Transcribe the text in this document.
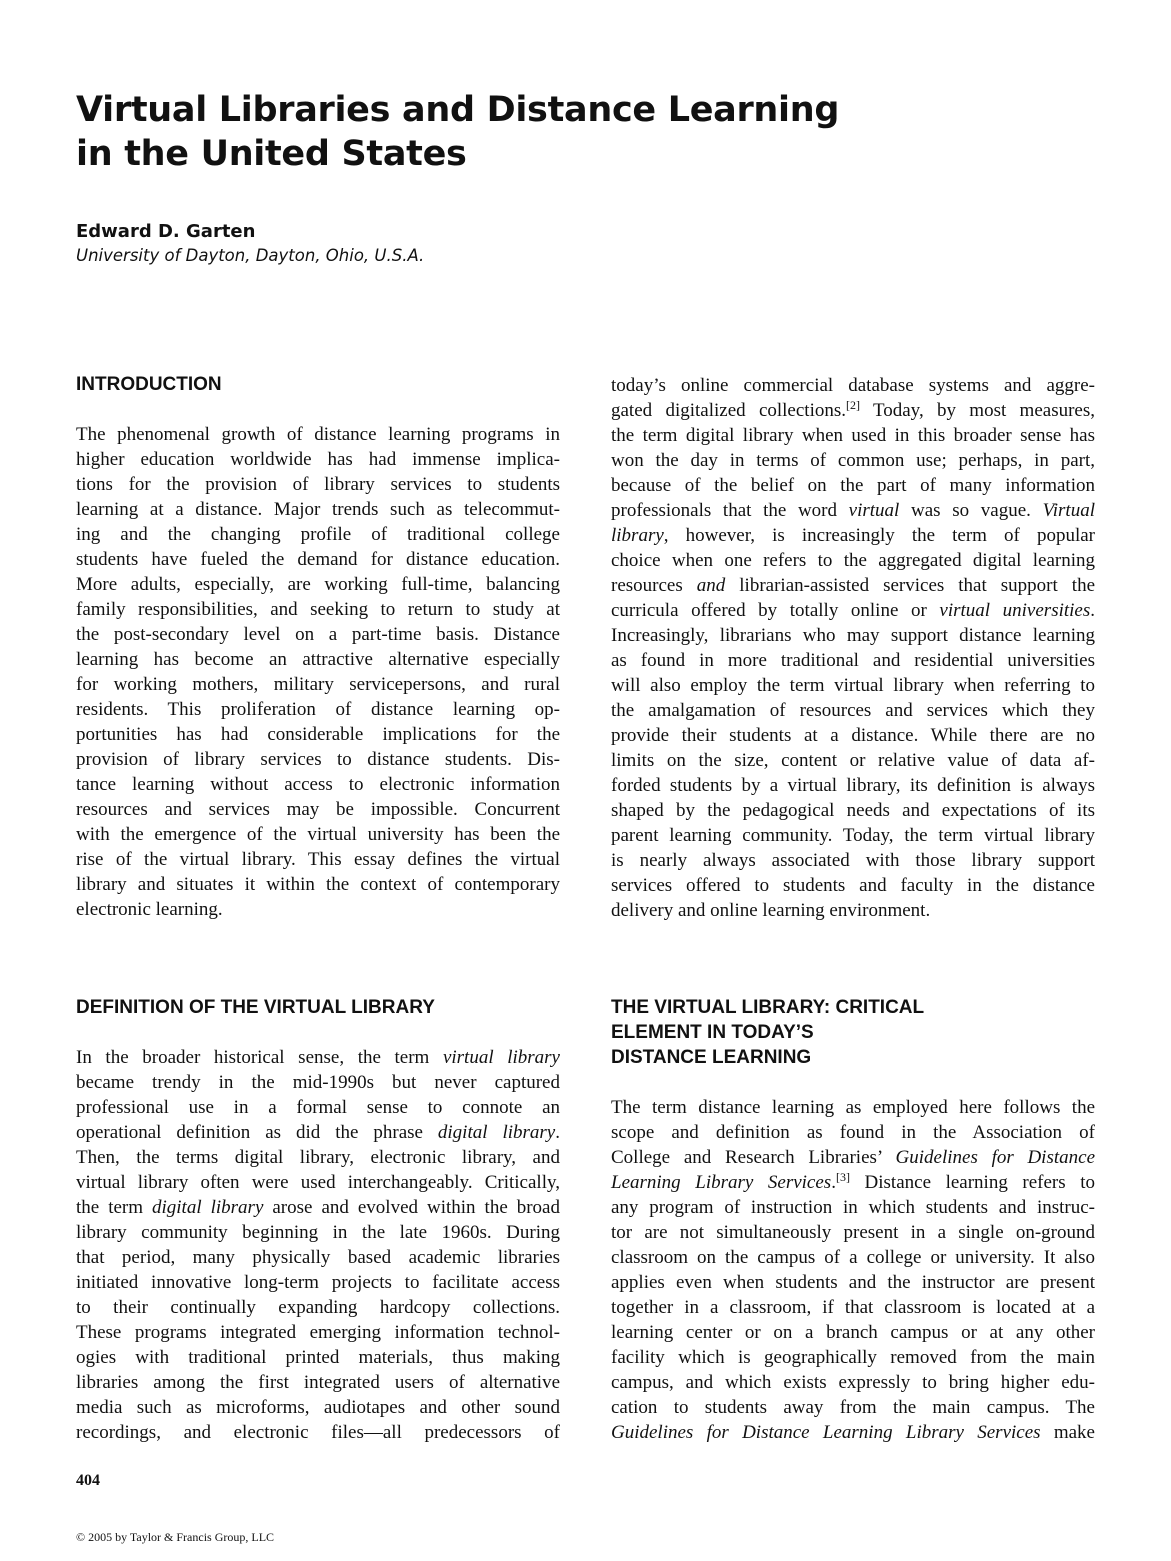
Virtual Libraries and Distance Learning
in the United States
Edward D. Garten
University of Dayton, Dayton, Ohio, U.S.A.
INTRODUCTION

The phenomenal growth of distance learning programs in
higher education worldwide has had immense implica-
tions for the provision of library services to students
learning at a distance. Major trends such as telecommut-
ing and the changing profile of traditional college
students have fueled the demand for distance education.
More adults, especially, are working full-time, balancing
family responsibilities, and seeking to return to study at
the post-secondary level on a part-time basis. Distance
learning has become an attractive alternative especially
for working mothers, military servicepersons, and rural
residents. This proliferation of distance learning op-
portunities has had considerable implications for the
provision of library services to distance students. Dis-
tance learning without access to electronic information
resources and services may be impossible. Concurrent
with the emergence of the virtual university has been the
rise of the virtual library. This essay defines the virtual
library and situates it within the context of contemporary
electronic learning.

DEFINITION OF THE VIRTUAL LIBRARY

In the broader historical sense, the term virtual library
became trendy in the mid-1990s but never captured
professional use in a formal sense to connote an
operational definition as did the phrase digital library.
Then, the terms digital library, electronic library, and
virtual library often were used interchangeably. Critically,
the term digital library arose and evolved within the broad
library community beginning in the late 1960s. During
that period, many physically based academic libraries
initiated innovative long-term projects to facilitate access
to their continually expanding hardcopy collections.
These programs integrated emerging information technol-
ogies with traditional printed materials, thus making
libraries among the first integrated users of alternative
media such as microforms, audiotapes and other sound
recordings, and electronic files—all predecessors of

today’s online commercial database systems and aggre-
gated digitalized collections.[2] Today, by most measures,
the term digital library when used in this broader sense has
won the day in terms of common use; perhaps, in part,
because of the belief on the part of many information
professionals that the word virtual was so vague. Virtual
library, however, is increasingly the term of popular
choice when one refers to the aggregated digital learning
resources and librarian-assisted services that support the
curricula offered by totally online or virtual universities.
Increasingly, librarians who may support distance learning
as found in more traditional and residential universities
will also employ the term virtual library when referring to
the amalgamation of resources and services which they
provide their students at a distance. While there are no
limits on the size, content or relative value of data af-
forded students by a virtual library, its definition is always
shaped by the pedagogical needs and expectations of its
parent learning community. Today, the term virtual library
is nearly always associated with those library support
services offered to students and faculty in the distance
delivery and online learning environment.

THE VIRTUAL LIBRARY: CRITICAL
ELEMENT IN TODAY’S
DISTANCE LEARNING

The term distance learning as employed here follows the
scope and definition as found in the Association of
College and Research Libraries’ Guidelines for Distance
Learning Library Services.[3] Distance learning refers to
any program of instruction in which students and instruc-
tor are not simultaneously present in a single on-ground
classroom on the campus of a college or university. It also
applies even when students and the instructor are present
together in a classroom, if that classroom is located at a
learning center or on a branch campus or at any other
facility which is geographically removed from the main
campus, and which exists expressly to bring higher edu-
cation to students away from the main campus. The
Guidelines for Distance Learning Library Services make

404
© 2005 by Taylor & Francis Group, LLC
